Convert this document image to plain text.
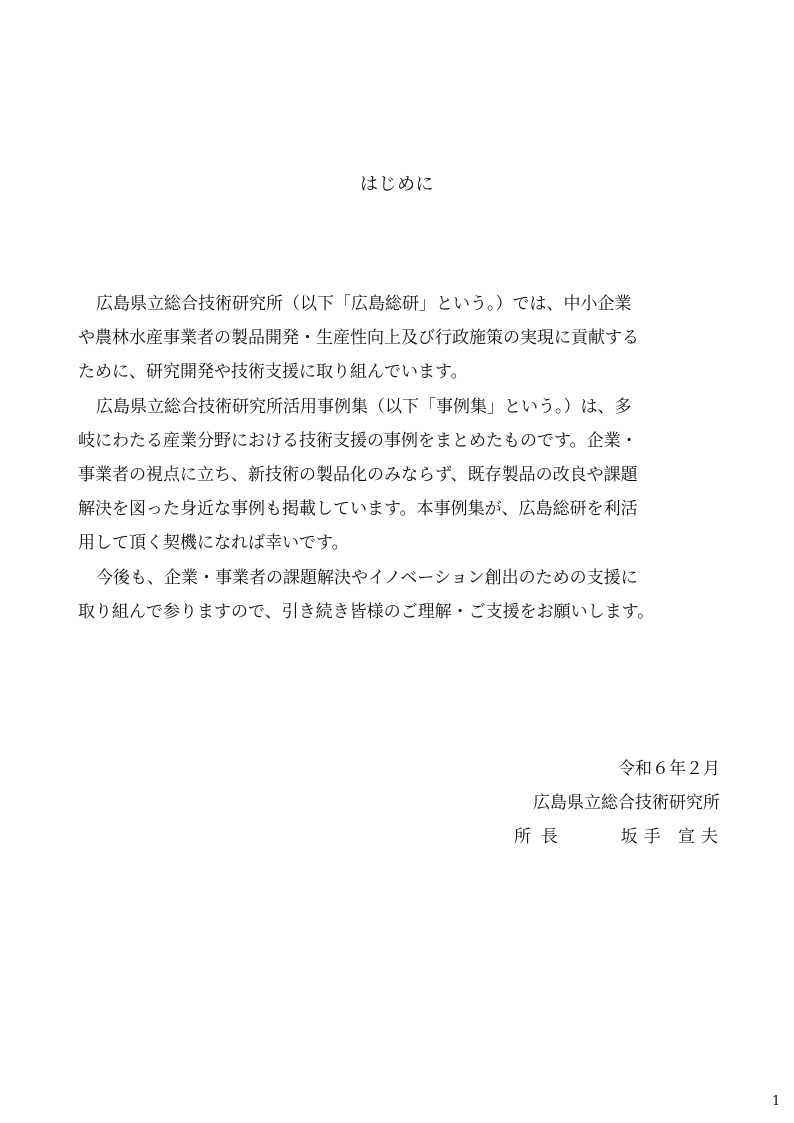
はじめに
広島県立総合技術研究所（以下「広島総研」という。）では、中小企業
や農林水産事業者の製品開発・生産性向上及び行政施策の実現に貢献する
ために、研究開発や技術支援に取り組んでいます。
広島県立総合技術研究所活用事例集（以下「事例集」という。）は、多
岐にわたる産業分野における技術支援の事例をまとめたものです。企業・
事業者の視点に立ち、新技術の製品化のみならず、既存製品の改良や課題
解決を図った身近な事例も掲載しています。本事例集が、広島総研を利活
用して頂く契機になれば幸いです。
今後も、企業・事業者の課題解決やイノベーション創出のための支援に
取り組んで参りますので、引き続き皆様のご理解・ご支援をお願いします。
令和６年２月
広島県立総合技術研究所
所長	坂手 宣夫
1
